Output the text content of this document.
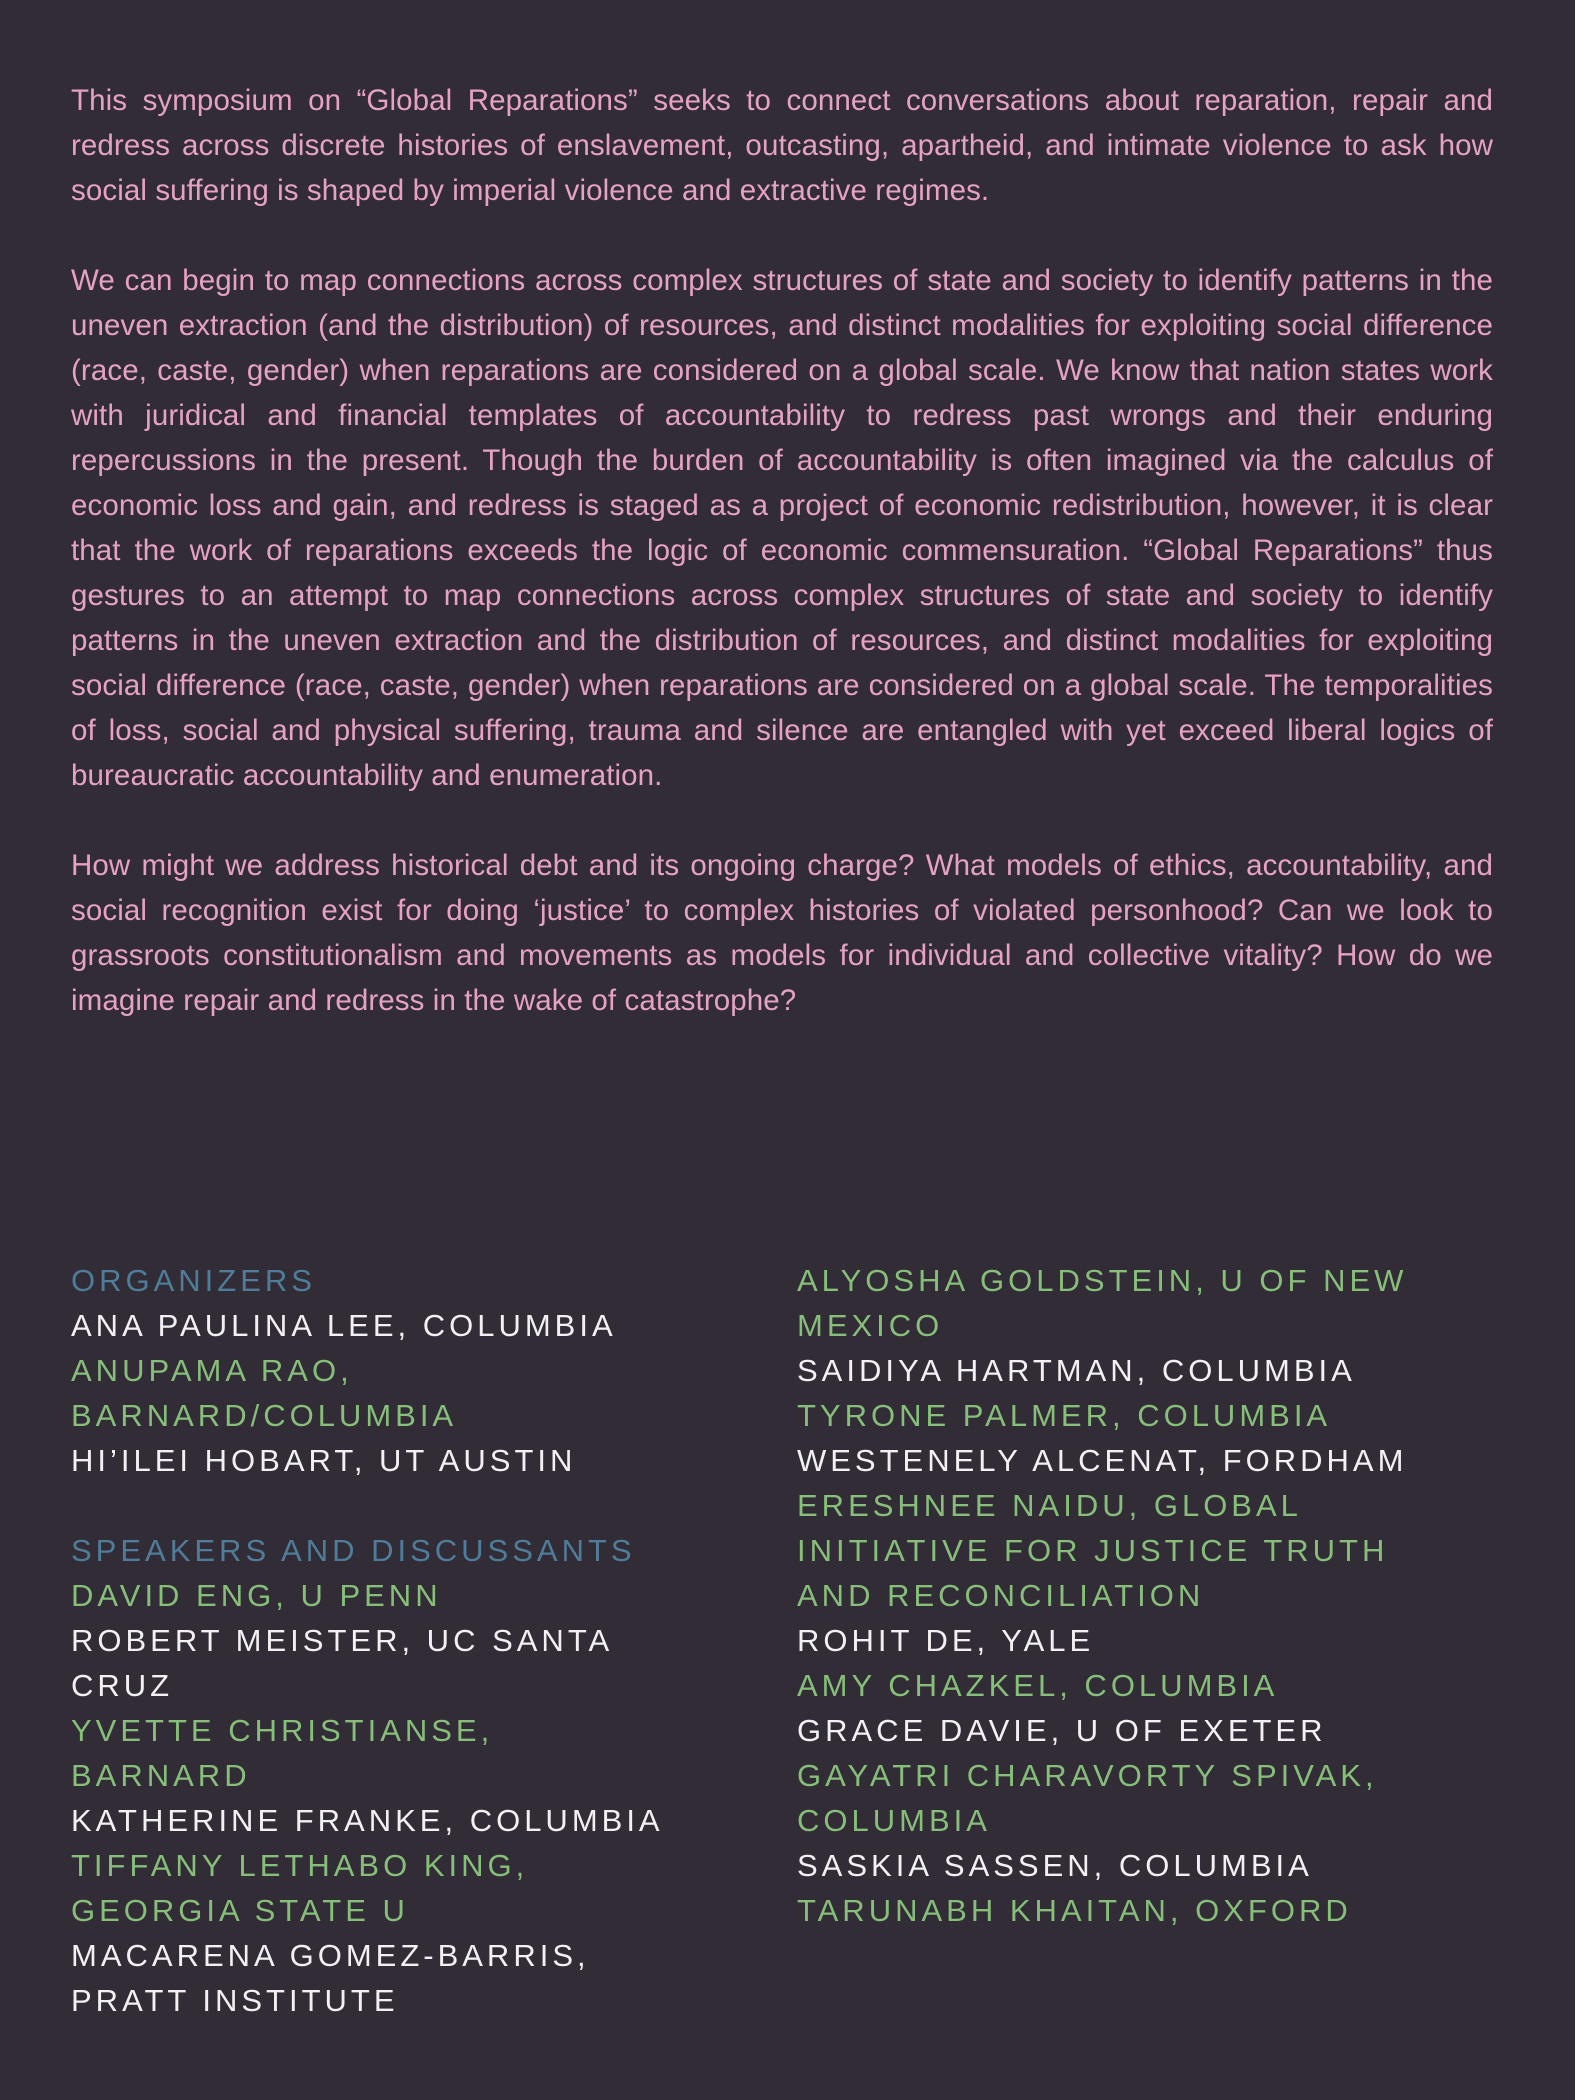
This symposium on “Global Reparations” seeks to connect conversations about reparation, repair and redress across discrete histories of enslavement, outcasting, apartheid, and intimate violence to ask how social suffering is shaped by imperial violence and extractive regimes.

We can begin to map connections across complex structures of state and society to identify patterns in the uneven extraction (and the distribution) of resources, and distinct modalities for exploiting social difference (race, caste, gender) when reparations are considered on a global scale. We know that nation states work with juridical and financial templates of accountability to redress past wrongs and their enduring repercussions in the present. Though the burden of accountability is often imagined via the calculus of economic loss and gain, and redress is staged as a project of economic redistribution, however, it is clear that the work of reparations exceeds the logic of economic commensuration. “Global Reparations” thus gestures to an attempt to map connections across complex structures of state and society to identify patterns in the uneven extraction and the distribution of resources, and distinct modalities for exploiting social difference (race, caste, gender) when reparations are considered on a global scale. The temporalities of loss, social and physical suffering, trauma and silence are entangled with yet exceed liberal logics of bureaucratic accountability and enumeration.

How might we address historical debt and its ongoing charge? What models of ethics, accountability, and social recognition exist for doing ‘justice’ to complex histories of violated personhood? Can we look to grassroots constitutionalism and movements as models for individual and collective vitality? How do we imagine repair and redress in the wake of catastrophe?

ORGANIZERS
ANA PAULINA LEE, COLUMBIA
ANUPAMA RAO,
BARNARD/COLUMBIA
HI’ILEI HOBART, UT AUSTIN
SPEAKERS AND DISCUSSANTS
DAVID ENG, U PENN
ROBERT MEISTER, UC SANTA
CRUZ
YVETTE CHRISTIANSE,
BARNARD
KATHERINE FRANKE, COLUMBIA
TIFFANY LETHABO KING,
GEORGIA STATE U
MACARENA GOMEZ-BARRIS,
PRATT INSTITUTE
ALYOSHA GOLDSTEIN, U OF NEW
MEXICO
SAIDIYA HARTMAN, COLUMBIA
TYRONE PALMER, COLUMBIA
WESTENELY ALCENAT, FORDHAM
ERESHNEE NAIDU, GLOBAL
INITIATIVE FOR JUSTICE TRUTH
AND RECONCILIATION
ROHIT DE, YALE
AMY CHAZKEL, COLUMBIA
GRACE DAVIE, U OF EXETER
GAYATRI CHARAVORTY SPIVAK,
COLUMBIA
SASKIA SASSEN, COLUMBIA
TARUNABH KHAITAN, OXFORD
